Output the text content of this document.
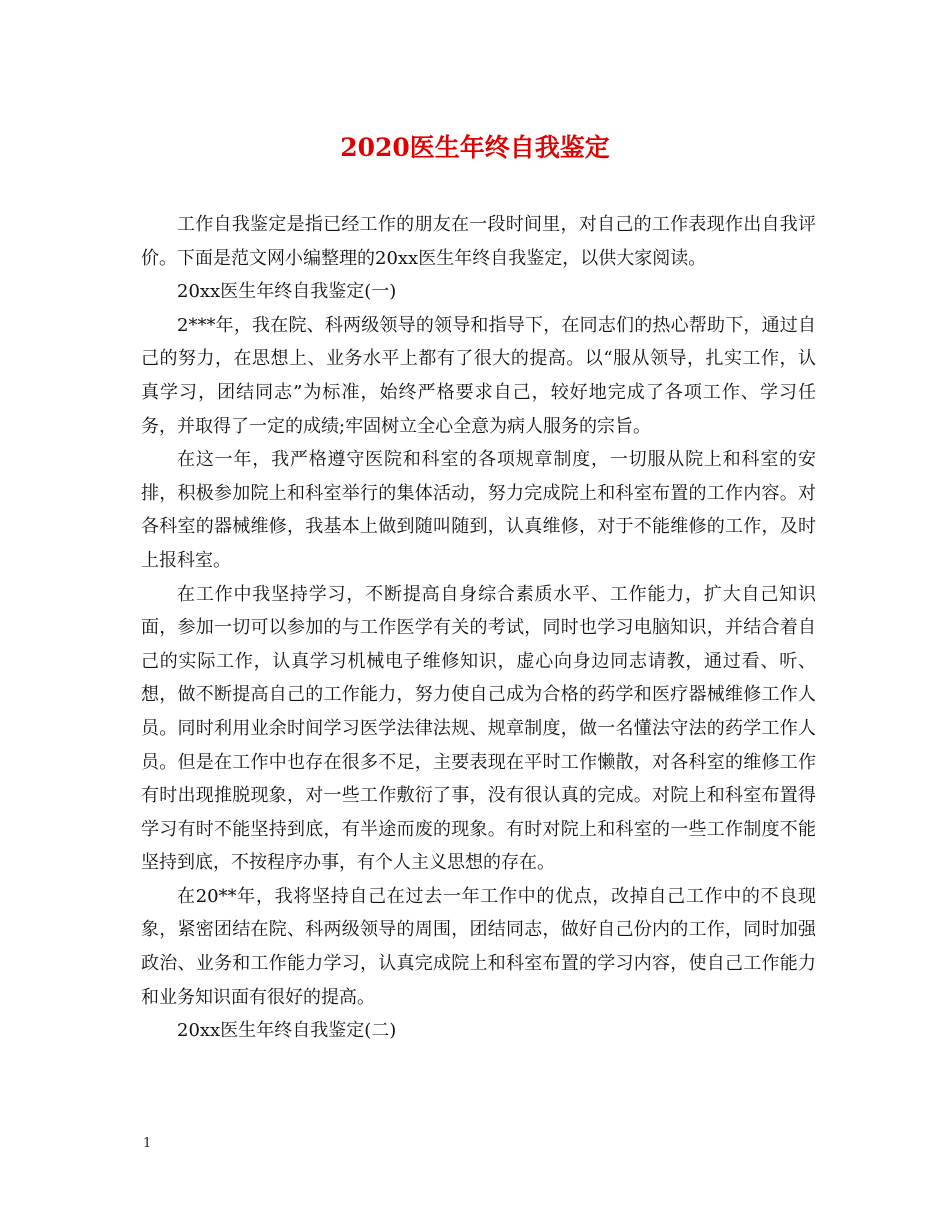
2020医生年终自我鉴定

工作自我鉴定是指已经工作的朋友在一段时间里，对自己的工作表现作出自我评价。下面是范文网小编整理的20xx医生年终自我鉴定，以供大家阅读。

20xx医生年终自我鉴定(一)

2***年，我在院、科两级领导的领导和指导下，在同志们的热心帮助下，通过自己的努力，在思想上、业务水平上都有了很大的提高。以“服从领导，扎实工作，认真学习，团结同志”为标准，始终严格要求自己，较好地完成了各项工作、学习任务，并取得了一定的成绩;牢固树立全心全意为病人服务的宗旨。

在这一年，我严格遵守医院和科室的各项规章制度，一切服从院上和科室的安排，积极参加院上和科室举行的集体活动，努力完成院上和科室布置的工作内容。对各科室的器械维修，我基本上做到随叫随到，认真维修，对于不能维修的工作，及时上报科室。

在工作中我坚持学习，不断提高自身综合素质水平、工作能力，扩大自己知识面，参加一切可以参加的与工作医学有关的考试，同时也学习电脑知识，并结合着自己的实际工作，认真学习机械电子维修知识，虚心向身边同志请教，通过看、听、想，做不断提高自己的工作能力，努力使自己成为合格的药学和医疗器械维修工作人员。同时利用业余时间学习医学法律法规、规章制度，做一名懂法守法的药学工作人员。但是在工作中也存在很多不足，主要表现在平时工作懒散，对各科室的维修工作有时出现推脱现象，对一些工作敷衍了事，没有很认真的完成。对院上和科室布置得学习有时不能坚持到底，有半途而废的现象。有时对院上和科室的一些工作制度不能坚持到底，不按程序办事，有个人主义思想的存在。

在20**年，我将坚持自己在过去一年工作中的优点，改掉自己工作中的不良现象，紧密团结在院、科两级领导的周围，团结同志，做好自己份内的工作，同时加强政治、业务和工作能力学习，认真完成院上和科室布置的学习内容，使自己工作能力和业务知识面有很好的提高。

20xx医生年终自我鉴定(二)

1
